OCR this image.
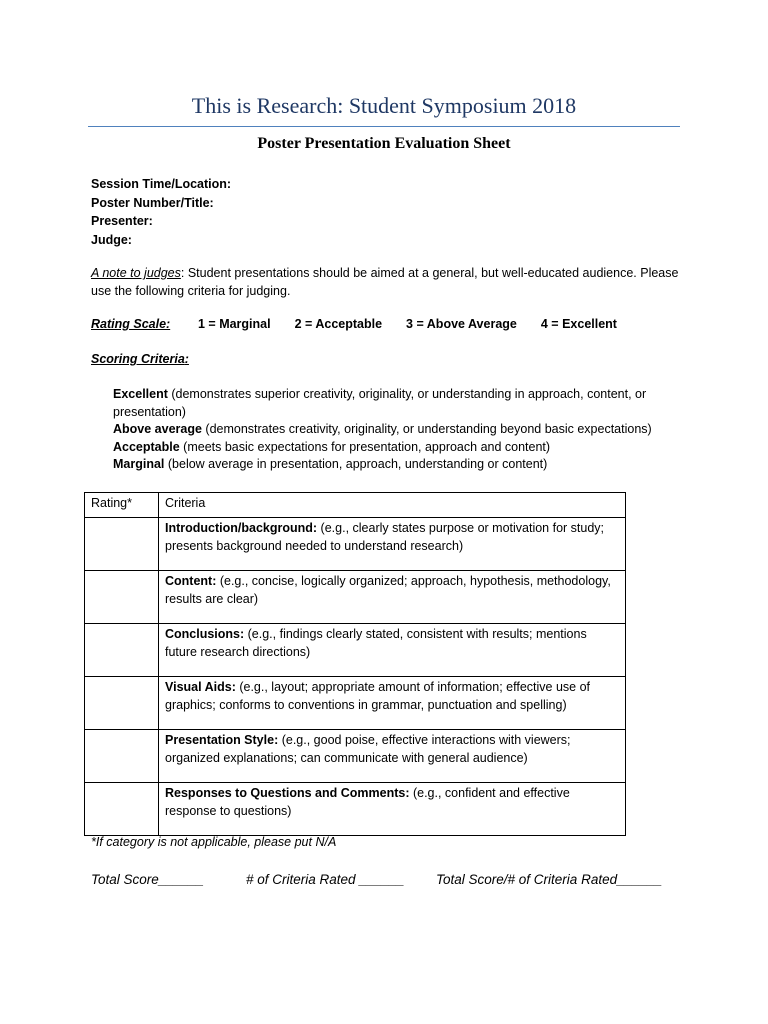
This is Research: Student Symposium 2018
Poster Presentation Evaluation Sheet
Session Time/Location:
Poster Number/Title:
Presenter:
Judge:
A note to judges: Student presentations should be aimed at a general, but well-educated audience. Please use the following criteria for judging.
Rating Scale:	1 = Marginal 2 = Acceptable 3 = Above Average 4 = Excellent
Scoring Criteria:
Excellent (demonstrates superior creativity, originality, or understanding in approach, content, or presentation)
Above average (demonstrates creativity, originality, or understanding beyond basic expectations)
Acceptable (meets basic expectations for presentation, approach and content)
Marginal (below average in presentation, approach, understanding or content)
Rating*	Criteria
	Introduction/background: (e.g., clearly states purpose or motivation for study; presents background needed to understand research)
	Content: (e.g., concise, logically organized; approach, hypothesis, methodology, results are clear)
	Conclusions: (e.g., findings clearly stated, consistent with results; mentions future research directions)
	Visual Aids: (e.g., layout; appropriate amount of information; effective use of graphics; conforms to conventions in grammar, punctuation and spelling)
	Presentation Style: (e.g., good poise, effective interactions with viewers; organized explanations; can communicate with general audience)
	Responses to Questions and Comments: (e.g., confident and effective response to questions)
*If category is not applicable, please put N/A
Total Score______	# of Criteria Rated ______ Total Score/# of Criteria Rated______
